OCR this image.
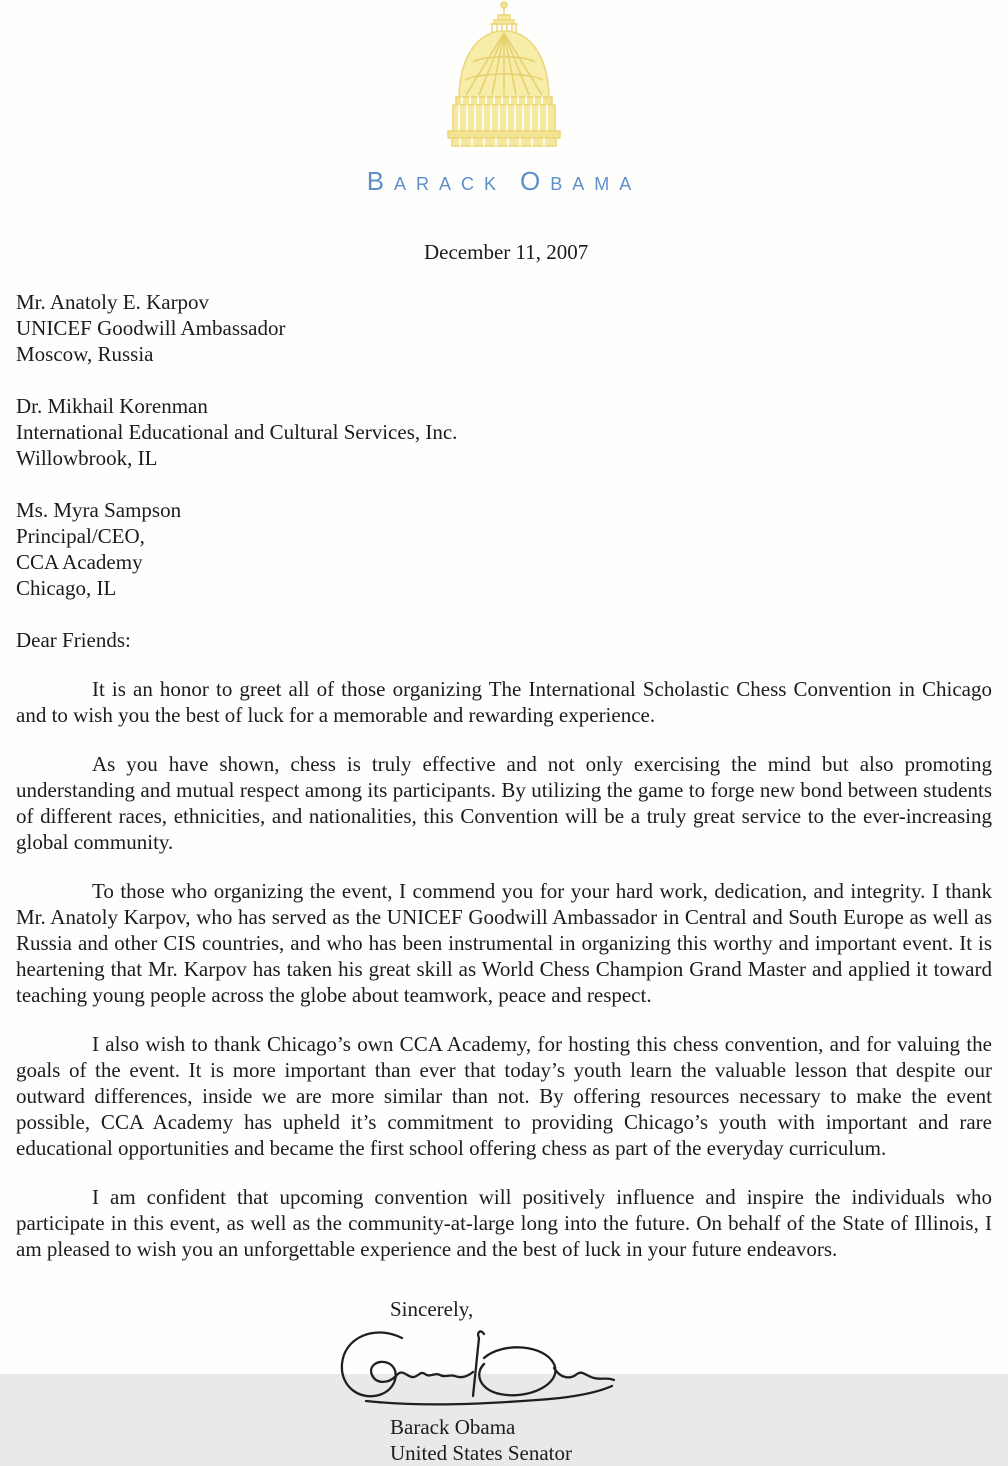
BARACK OBAMA
December 11, 2007
Mr. Anatoly E. Karpov
UNICEF Goodwill Ambassador
Moscow, Russia
Dr. Mikhail Korenman
International Educational and Cultural Services, Inc.
Willowbrook, IL
Ms. Myra Sampson
Principal/CEO,
CCA Academy
Chicago, IL
Dear Friends:

It is an honor to greet all of those organizing The International Scholastic Chess Convention in Chicago and to wish you the best of luck for a memorable and rewarding experience.

As you have shown, chess is truly effective and not only exercising the mind but also promoting understanding and mutual respect among its participants. By utilizing the game to forge new bond between students of different races, ethnicities, and nationalities, this Convention will be a truly great service to the ever-increasing global community.

To those who organizing the event, I commend you for your hard work, dedication, and integrity. I thank Mr. Anatoly Karpov, who has served as the UNICEF Goodwill Ambassador in Central and South Europe as well as Russia and other CIS countries, and who has been instrumental in organizing this worthy and important event. It is heartening that Mr. Karpov has taken his great skill as World Chess Champion Grand Master and applied it toward teaching young people across the globe about teamwork, peace and respect.

I also wish to thank Chicago’s own CCA Academy, for hosting this chess convention, and for valuing the goals of the event. It is more important than ever that today’s youth learn the valuable lesson that despite our outward differences, inside we are more similar than not. By offering resources necessary to make the event possible, CCA Academy has upheld it’s commitment to providing Chicago’s youth with important and rare educational opportunities and became the first school offering chess as part of the everyday curriculum.

I am confident that upcoming convention will positively influence and inspire the individuals who participate in this event, as well as the community-at-large long into the future. On behalf of the State of Illinois, I am pleased to wish you an unforgettable experience and the best of luck in your future endeavors.

Sincerely,
Barack Obama
United States Senator
